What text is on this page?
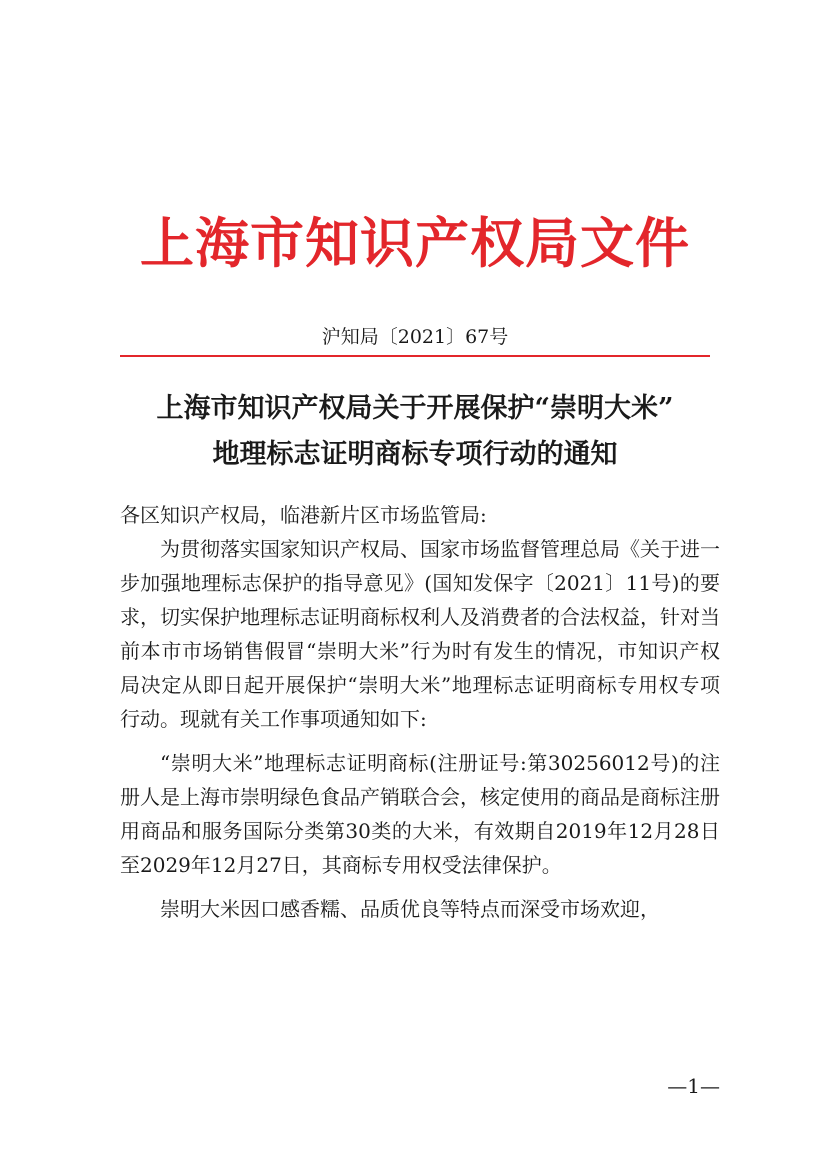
上海市知识产权局文件
沪知局〔2021〕67号
上海市知识产权局关于开展保护“崇明大米”
地理标志证明商标专项行动的通知

各区知识产权局，临港新片区市场监管局:

为贯彻落实国家知识产权局、国家市场监督管理总局《关于进一步加强地理标志保护的指导意见》(国知发保字〔2021〕11号)的要求，切实保护地理标志证明商标权利人及消费者的合法权益，针对当前本市市场销售假冒“崇明大米”行为时有发生的情况，市知识产权局决定从即日起开展保护“崇明大米”地理标志证明商标专用权专项行动。现就有关工作事项通知如下:

“崇明大米”地理标志证明商标(注册证号:第30256012号)的注册人是上海市崇明绿色食品产销联合会，核定使用的商品是商标注册用商品和服务国际分类第30类的大米，有效期自2019年12月28日至2029年12月27日，其商标专用权受法律保护。

崇明大米因口感香糯、品质优良等特点而深受市场欢迎，

—1—
